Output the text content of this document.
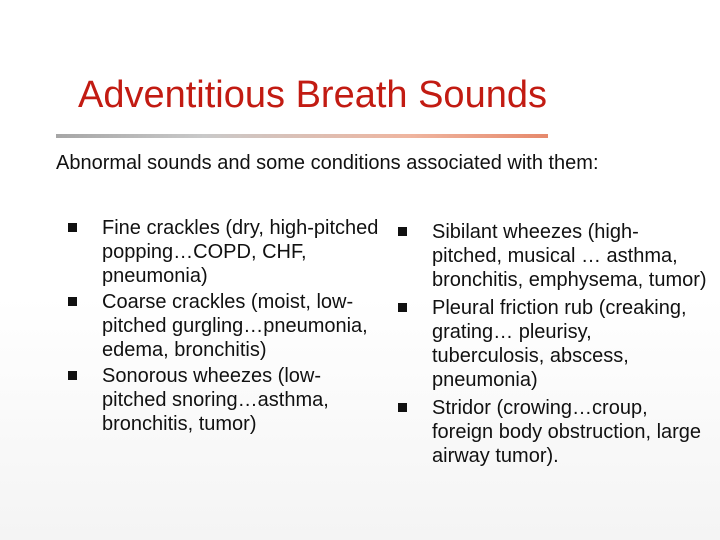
Adventitious Breath Sounds
Abnormal sounds and some conditions associated with them:
Fine crackles (dry, high-pitched popping…COPD, CHF, pneumonia)
Coarse crackles (moist, low-pitched gurgling…pneumonia, edema, bronchitis)
Sonorous wheezes (low-pitched snoring…asthma, bronchitis, tumor)
Sibilant wheezes (high-pitched, musical … asthma, bronchitis, emphysema, tumor)
Pleural friction rub (creaking, grating… pleurisy, tuberculosis, abscess, pneumonia)
Stridor (crowing…croup, foreign body obstruction, large airway tumor).
